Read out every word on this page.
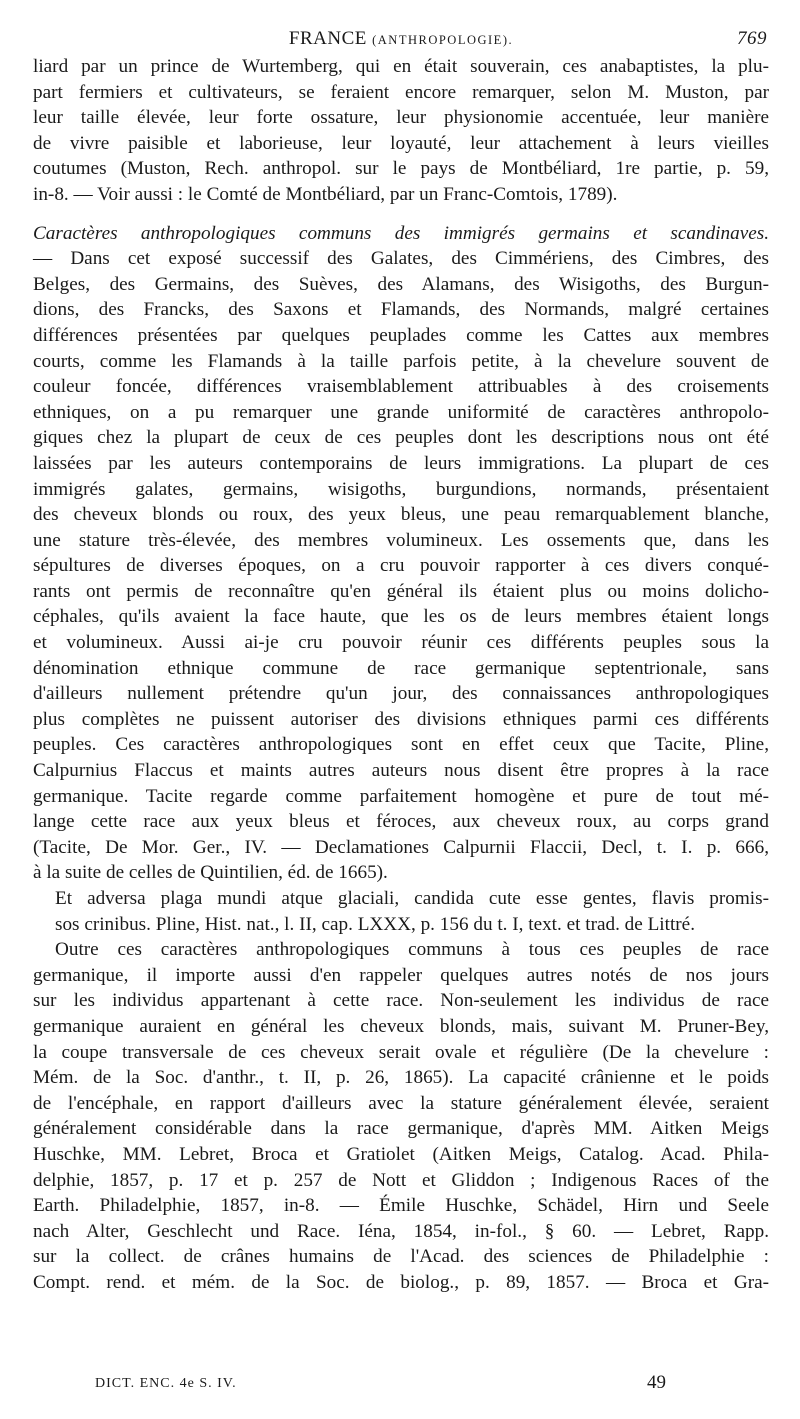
FRANCE (ANTHROPOLOGIE).	769

liard par un prince de Wurtemberg, qui en était souverain, ces anabaptistes, la plu-
part fermiers et cultivateurs, se feraient encore remarquer, selon M. Muston, par
leur taille élevée, leur forte ossature, leur physionomie accentuée, leur manière
de vivre paisible et laborieuse, leur loyauté, leur attachement à leurs vieilles
coutumes (Muston, Rech. anthropol. sur le pays de Montbéliard, 1re partie, p. 59,
in-8. — Voir aussi : le Comté de Montbéliard, par un Franc-Comtois, 1789).

Caractères anthropologiques communs des immigrés germains et scandinaves.
— Dans cet exposé successif des Galates, des Cimmériens, des Cimbres, des
Belges, des Germains, des Suèves, des Alamans, des Wisigoths, des Burgun-
dions, des Francks, des Saxons et Flamands, des Normands, malgré certaines
différences présentées par quelques peuplades comme les Cattes aux membres
courts, comme les Flamands à la taille parfois petite, à la chevelure souvent de
couleur foncée, différences vraisemblablement attribuables à des croisements
ethniques, on a pu remarquer une grande uniformité de caractères anthropolo-
giques chez la plupart de ceux de ces peuples dont les descriptions nous ont été
laissées par les auteurs contemporains de leurs immigrations. La plupart de ces
immigrés galates, germains, wisigoths, burgundions, normands, présentaient
des cheveux blonds ou roux, des yeux bleus, une peau remarquablement blanche,
une stature très-élevée, des membres volumineux. Les ossements que, dans les
sépultures de diverses époques, on a cru pouvoir rapporter à ces divers conqué-
rants ont permis de reconnaître qu'en général ils étaient plus ou moins dolicho-
céphales, qu'ils avaient la face haute, que les os de leurs membres étaient longs
et volumineux. Aussi ai-je cru pouvoir réunir ces différents peuples sous la
dénomination ethnique commune de race germanique septentrionale, sans
d'ailleurs nullement prétendre qu'un jour, des connaissances anthropologiques
plus complètes ne puissent autoriser des divisions ethniques parmi ces différents
peuples. Ces caractères anthropologiques sont en effet ceux que Tacite, Pline,
Calpurnius Flaccus et maints autres auteurs nous disent être propres à la race
germanique. Tacite regarde comme parfaitement homogène et pure de tout mé-
lange cette race aux yeux bleus et féroces, aux cheveux roux, au corps grand
(Tacite, De Mor. Ger., IV. — Declamationes Calpurnii Flaccii, Decl, t. I. p. 666,
à la suite de celles de Quintilien, éd. de 1665).

Et adversa plaga mundi atque glaciali, candida cute esse gentes, flavis promis-
sos crinibus. Pline, Hist. nat., l. II, cap. LXXX, p. 156 du t. I, text. et trad. de Littré.

Outre ces caractères anthropologiques communs à tous ces peuples de race
germanique, il importe aussi d'en rappeler quelques autres notés de nos jours
sur les individus appartenant à cette race. Non-seulement les individus de race
germanique auraient en général les cheveux blonds, mais, suivant M. Pruner-Bey,
la coupe transversale de ces cheveux serait ovale et régulière (De la chevelure :
Mém. de la Soc. d'anthr., t. II, p. 26, 1865). La capacité crânienne et le poids
de l'encéphale, en rapport d'ailleurs avec la stature généralement élevée, seraient
généralement considérable dans la race germanique, d'après MM. Aitken Meigs
Huschke, MM. Lebret, Broca et Gratiolet (Aitken Meigs, Catalog. Acad. Phila-
delphie, 1857, p. 17 et p. 257 de Nott et Gliddon ; Indigenous Races of the
Earth. Philadelphie, 1857, in-8. — Émile Huschke, Schädel, Hirn und Seele
nach Alter, Geschlecht und Race. Iéna, 1854, in-fol., § 60. — Lebret, Rapp.
sur la collect. de crânes humains de l'Acad. des sciences de Philadelphie :
Compt. rend. et mém. de la Soc. de biolog., p. 89, 1857. — Broca et Gra-

DICT. ENC. 4e S. IV.	49
